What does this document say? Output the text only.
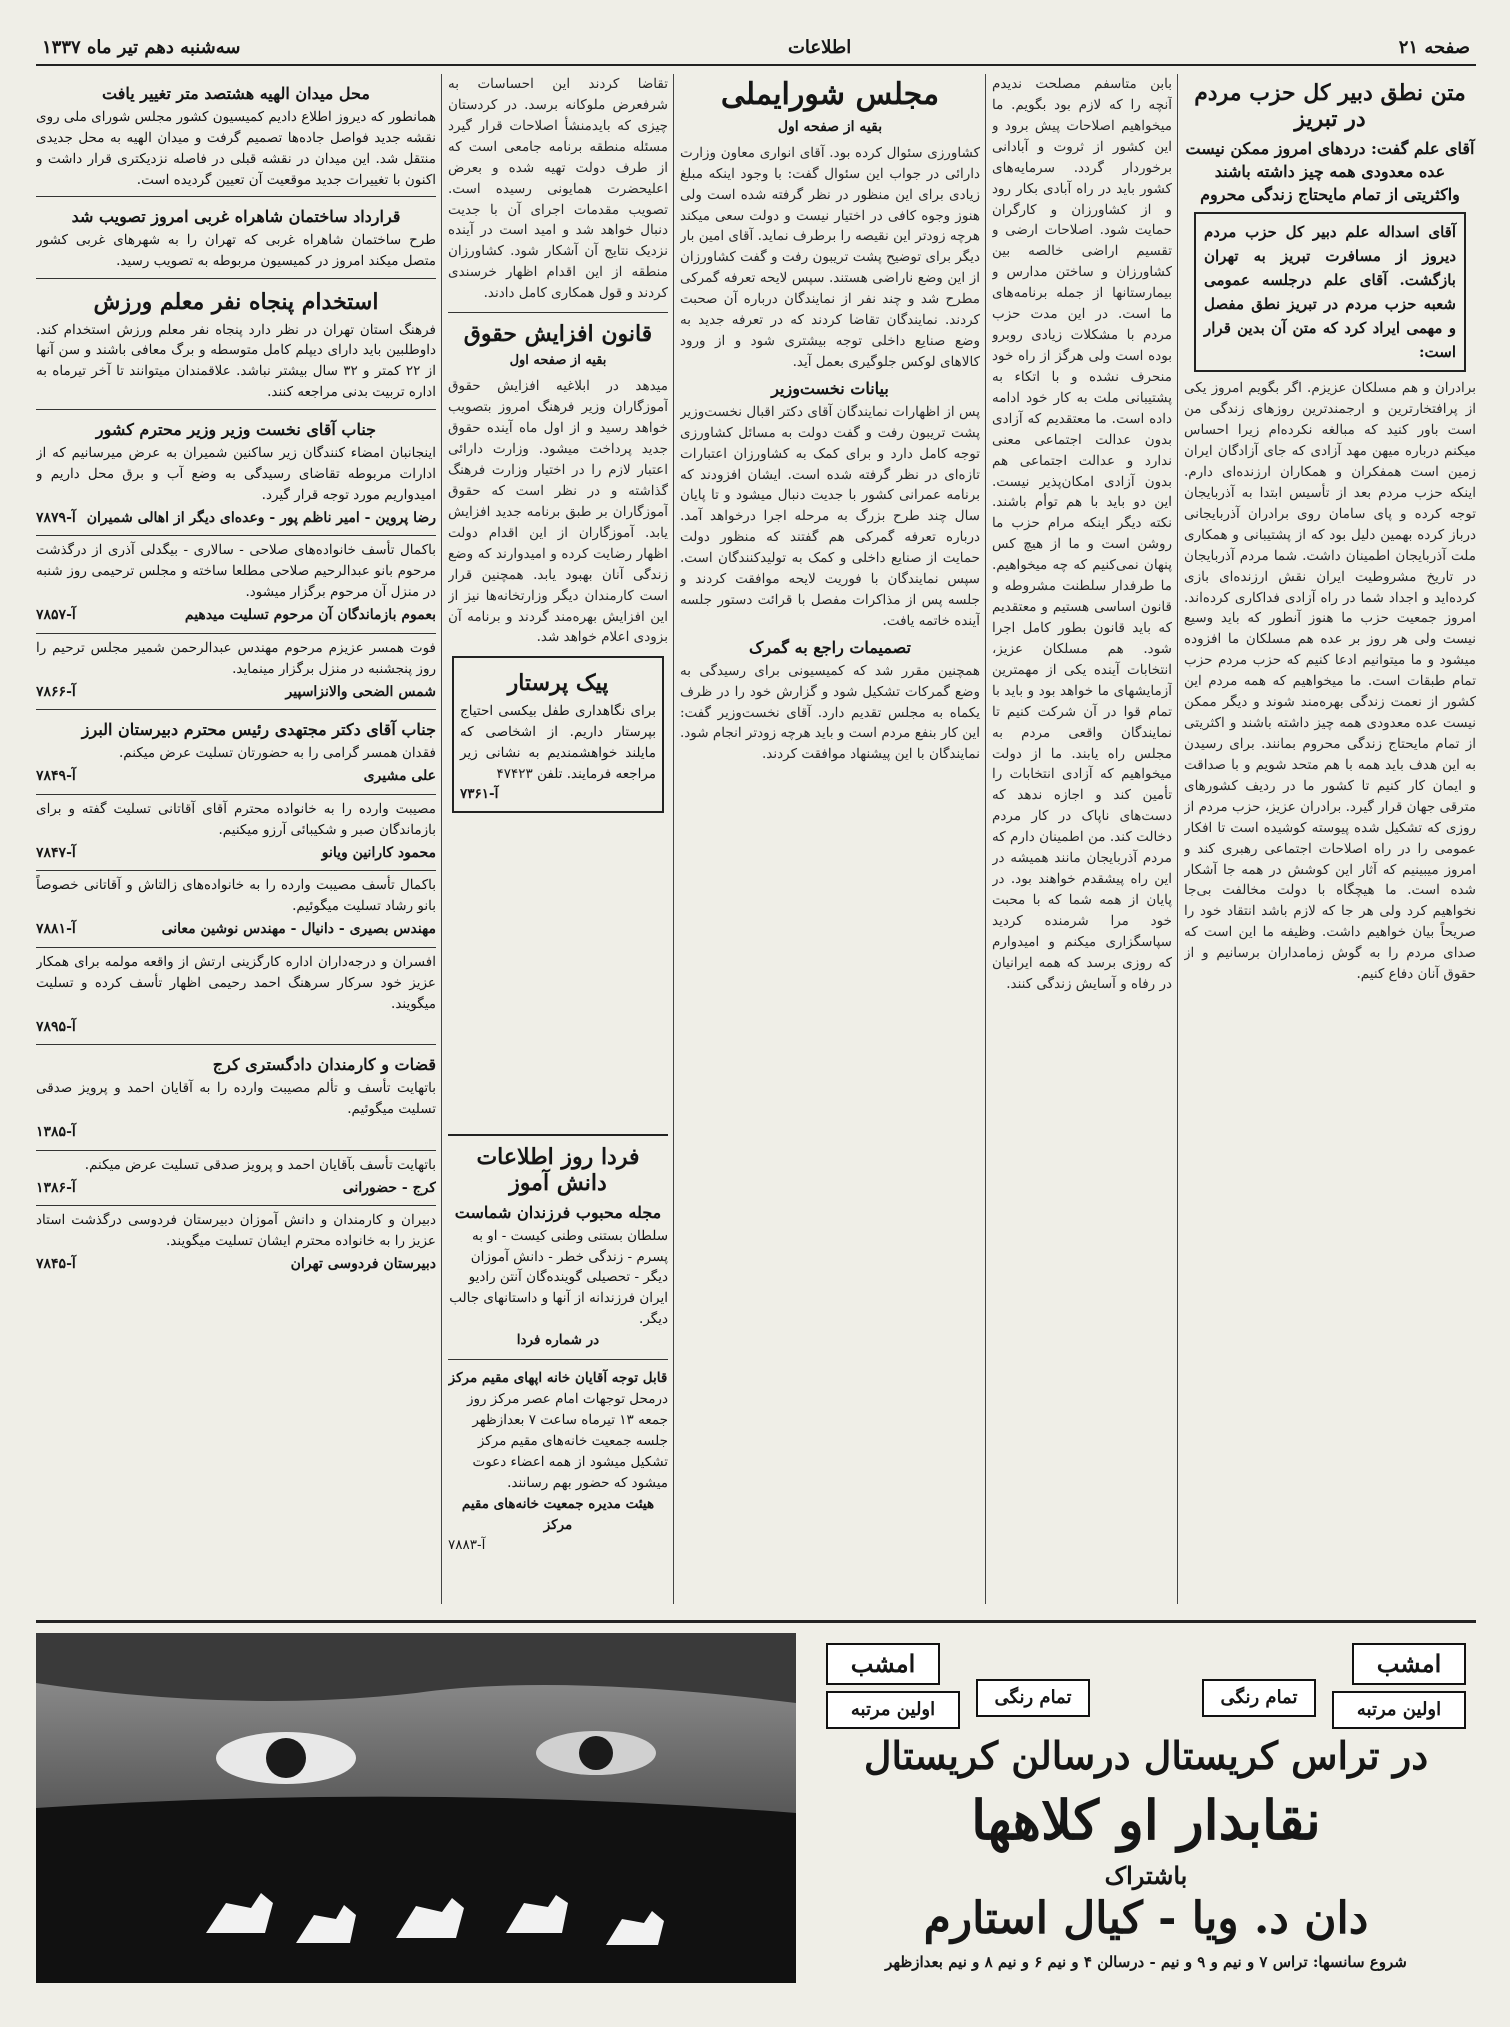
صفحه ۲۱
اطلاعات
سه‌شنبه دهم تیر ماه ۱۳۳۷
متن نطق دبیر کل حزب مردم در تبریز
آقای علم گفت: دردهای امروز ممکن نیست عده معدودی همه چیز داشته باشند واکثریتی از تمام مایحتاج زندگی محروم
آقای اسداله علم دبیر کل حزب مردم دیروز از مسافرت تبریز به تهران بازگشت. آقای علم درجلسه عمومی شعبه حزب مردم در تبریز نطق مفصل و مهمی ایراد کرد که متن آن بدین قرار است:
برادران و هم مسلکان عزیزم. اگر بگویم امروز یکی از پرافتخارترین و ارجمندترین روزهای زندگی من است باور کنید که مبالغه نکرده‌ام زیرا احساس میکنم درباره میهن مهد آزادی که جای آزادگان ایران زمین است همفکران و همکاران ارزنده‌ای دارم. اینکه حزب مردم بعد از تأسیس ابتدا به آذربایجان توجه کرده و پای سامان روی برادران آذربایجانی درباز کرده بهمین دلیل بود که از پشتیبانی و همکاری ملت آذربایجان اطمینان داشت. شما مردم آذربایجان در تاریخ مشروطیت ایران نقش ارزنده‌ای بازی کرده‌اید و اجداد شما در راه آزادی فداکاری کرده‌اند. امروز جمعیت حزب ما هنوز آنطور که باید وسیع نیست ولی هر روز بر عده هم مسلکان ما افزوده میشود و ما میتوانیم ادعا کنیم که حزب مردم حزب تمام طبقات است. ما میخواهیم که همه مردم این کشور از نعمت زندگی بهره‌مند شوند و دیگر ممکن نیست عده معدودی همه چیز داشته باشند و اکثریتی از تمام مایحتاج زندگی محروم بمانند. برای رسیدن به این هدف باید همه با هم متحد شویم و با صداقت و ایمان کار کنیم تا کشور ما در ردیف کشورهای مترقی جهان قرار گیرد. برادران عزیز، حزب مردم از روزی که تشکیل شده پیوسته کوشیده است تا افکار عمومی را در راه اصلاحات اجتماعی رهبری کند و امروز میبینیم که آثار این کوشش در همه جا آشکار شده است. ما هیچگاه با دولت مخالفت بی‌جا نخواهیم کرد ولی هر جا که لازم باشد انتقاد خود را صریحاً بیان خواهیم داشت. وظیفه ما این است که صدای مردم را به گوش زمامداران برسانیم و از حقوق آنان دفاع کنیم.
بابن متاسفم مصلحت ندیدم آنچه را که لازم بود بگویم. ما میخواهیم اصلاحات پیش برود و این کشور از ثروت و آبادانی برخوردار گردد. سرمایه‌های کشور باید در راه آبادی بکار رود و از کشاورزان و کارگران حمایت شود. اصلاحات ارضی و تقسیم اراضی خالصه بین کشاورزان و ساختن مدارس و بیمارستانها از جمله برنامه‌های ما است. در این مدت حزب مردم با مشکلات زیادی روبرو بوده است ولی هرگز از راه خود منحرف نشده و با اتکاء به پشتیبانی ملت به کار خود ادامه داده است. ما معتقدیم که آزادی بدون عدالت اجتماعی معنی ندارد و عدالت اجتماعی هم بدون آزادی امکان‌پذیر نیست. این دو باید با هم توأم باشند. نکته دیگر اینکه مرام حزب ما روشن است و ما از هیچ کس پنهان نمی‌کنیم که چه میخواهیم. ما طرفدار سلطنت مشروطه و قانون اساسی هستیم و معتقدیم که باید قانون بطور کامل اجرا شود. هم مسلکان عزیز، انتخابات آینده یکی از مهمترین آزمایشهای ما خواهد بود و باید با تمام قوا در آن شرکت کنیم تا نمایندگان واقعی مردم به مجلس راه یابند. ما از دولت میخواهیم که آزادی انتخابات را تأمین کند و اجازه ندهد که دست‌های ناپاک در کار مردم دخالت کند. من اطمینان دارم که مردم آذربایجان مانند همیشه در این راه پیشقدم خواهند بود. در پایان از همه شما که با محبت خود مرا شرمنده کردید سپاسگزاری میکنم و امیدوارم که روزی برسد که همه ایرانیان در رفاه و آسایش زندگی کنند.
مجلس شورایملی
بقیه از صفحه اول
کشاورزی سئوال کرده بود. آقای انواری معاون وزارت دارائی در جواب این سئوال گفت: با وجود اینکه مبلغ زیادی برای این منظور در نظر گرفته شده است ولی هنوز وجوه کافی در اختیار نیست و دولت سعی میکند هرچه زودتر این نقیصه را برطرف نماید. آقای امین بار دیگر برای توضیح پشت تریبون رفت و گفت کشاورزان از این وضع ناراضی هستند. سپس لایحه تعرفه گمرکی مطرح شد و چند نفر از نمایندگان درباره آن صحبت کردند. نمایندگان تقاضا کردند که در تعرفه جدید به وضع صنایع داخلی توجه بیشتری شود و از ورود کالاهای لوکس جلوگیری بعمل آید.
بیانات نخست‌وزیر
پس از اظهارات نمایندگان آقای دکتر اقبال نخست‌وزیر پشت تریبون رفت و گفت دولت به مسائل کشاورزی توجه کامل دارد و برای کمک به کشاورزان اعتبارات تازه‌ای در نظر گرفته شده است. ایشان افزودند که برنامه عمرانی کشور با جدیت دنبال میشود و تا پایان سال چند طرح بزرگ به مرحله اجرا درخواهد آمد. درباره تعرفه گمرکی هم گفتند که منظور دولت حمایت از صنایع داخلی و کمک به تولیدکنندگان است. سپس نمایندگان با فوریت لایحه موافقت کردند و جلسه پس از مذاکرات مفصل با قرائت دستور جلسه آینده خاتمه یافت.
تصمیمات راجع به گمرک
همچنین مقرر شد که کمیسیونی برای رسیدگی به وضع گمرکات تشکیل شود و گزارش خود را در ظرف یکماه به مجلس تقدیم دارد. آقای نخست‌وزیر گفت: این کار بنفع مردم است و باید هرچه زودتر انجام شود. نمایندگان با این پیشنهاد موافقت کردند.
تقاضا کردند این احساسات به شرفعرض ملوکانه برسد. در کردستان چیزی که بایدمنشأ اصلاحات قرار گیرد مسئله منطقه برنامه جامعی است که از طرف دولت تهیه شده و بعرض اعلیحضرت همایونی رسیده است. تصویب مقدمات اجرای آن با جدیت دنبال خواهد شد و امید است در آینده نزدیک نتایج آن آشکار شود. کشاورزان منطقه از این اقدام اظهار خرسندی کردند و قول همکاری کامل دادند.
قانون افزایش حقوق
بقیه از صفحه اول
میدهد در ابلاغیه افزایش حقوق آموزگاران وزیر فرهنگ امروز بتصویب خواهد رسید و از اول ماه آینده حقوق جدید پرداخت میشود. وزارت دارائی اعتبار لازم را در اختیار وزارت فرهنگ گذاشته و در نظر است که حقوق آموزگاران بر طبق برنامه جدید افزایش یابد. آموزگاران از این اقدام دولت اظهار رضایت کرده و امیدوارند که وضع زندگی آنان بهبود یابد. همچنین قرار است کارمندان دیگر وزارتخانه‌ها نیز از این افزایش بهره‌مند گردند و برنامه آن بزودی اعلام خواهد شد.
پیک پرستار
برای نگاهداری طفل بیکسی احتیاج بپرستار داریم. از اشخاصی که مایلند خواهشمندیم به نشانی زیر مراجعه فرمایند. تلفن ۴۷۴۲۳
آ-۷۳۶۱
فردا روز اطلاعات دانش آموز
مجله محبوب فرزندان شماست
سلطان بستنی وطنی کیست - او به پسرم - زندگی خطر - دانش آموزان دیگر - تحصیلی گوینده‌گان آنتن رادیو ایران فرزندانه از آنها و داستانهای جالب دیگر.
در شماره فردا
قابل توجه آقایان خانه اپهای مقیم مرکز
درمحل توجهات امام عصر مرکز روز جمعه ۱۳ تیرماه ساعت ۷ بعدازظهر جلسه جمعیت خانه‌های مقیم مرکز تشکیل میشود از همه اعضاء دعوت میشود که حضور بهم رسانند.
هیئت مدیره جمعیت خانه‌ها‌ی مقیم مرکز
آ-۷۸۸۳
محل میدان الهیه هشتصد متر تغییر یافت
همانطور که دیروز اطلاع دادیم کمیسیون کشور مجلس شورای ملی روی نقشه جدید فواصل جاده‌ها تصمیم گرفت و میدان الهیه به محل جدیدی منتقل شد. این میدان در نقشه قبلی در فاصله نزدیکتری قرار داشت و اکنون با تغییرات جدید موقعیت آن تعیین گردیده است.
قرارداد ساختمان شاهراه غربی امروز تصویب شد
طرح ساختمان شاهراه غربی که تهران را به شهرهای غربی کشور متصل میکند امروز در کمیسیون مربوطه به تصویب رسید.
استخدام پنجاه نفر معلم ورزش
فرهنگ استان تهران در نظر دارد پنجاه نفر معلم ورزش استخدام کند. داوطلبین باید دارای دیپلم کامل متوسطه و برگ معافی باشند و سن آنها از ۲۲ کمتر و ۳۲ سال بیشتر نباشد. علاقمندان میتوانند تا آخر تیرماه به اداره تربیت بدنی مراجعه کنند.
جناب آقای نخست وزیر وزیر محترم کشور
اینجانبان امضاء کنندگان زیر ساکنین شمیران به عرض میرسانیم که از ادارات مربوطه تقاضای رسیدگی به وضع آب و برق محل داریم و امیدواریم مورد توجه قرار گیرد.
رضا پروین - امیر ناظم پور - وعده‌ای دیگر از اهالی شمیران
آ-۷۸۷۹
باکمال تأسف خانواده‌های صلاحی - سالاری - بیگدلی آذری از درگذشت مرحوم بانو عبدالرحیم صلاحی مطلعا ساخته و مجلس ترحیمی روز شنبه در منزل آن مرحوم برگزار میشود.
بعموم بازماندگان آن مرحوم تسلیت میدهیم
آ-۷۸۵۷
فوت همسر عزیزم مرحوم مهندس عبدالرحمن شمیر مجلس ترحیم را روز پنجشنبه در منزل برگزار مینماید.
شمس الضحی والانزاسپیر
آ-۷۸۶۶
جناب آقای دکتر مجتهدی رئیس محترم دبیرستان البرز
فقدان همسر گرامی را به حضورتان تسلیت عرض میکنم.
علی مشیری
آ-۷۸۴۹
مصیبت وارده را به خانواده محترم آقای آقاتانی تسلیت گفته و برای بازماندگان صبر و شکیبائی آرزو میکنیم.
محمود کارانین ویانو
آ-۷۸۴۷
باکمال تأسف مصیبت وارده را به خانواده‌های زالتاش و آقاتانی خصوصاً بانو رشاد تسلیت میگوئیم.
مهندس بصیری - دانیال - مهندس نوشین معانی
آ-۷۸۸۱
افسران و درجه‌داران اداره کارگزینی ارتش از واقعه مولمه برای همکار عزیز خود سرکار سرهنگ احمد رحیمی اظهار تأسف کرده و تسلیت میگویند.
آ-۷۸۹۵
قضات و کارمندان دادگستری کرج
باتهایت تأسف و تألم مصیبت وارده را به آقایان احمد و پرویز صدقی تسلیت میگوئیم.
آ-۱۳۸۵
باتهایت تأسف بآقایان احمد و پرویز صدقی تسلیت عرض میکنم.
کرج - حضورانی
آ-۱۳۸۶
دبیران و کارمندان و دانش آموزان دبیرستان فردوسی درگذشت استاد عزیز را به خانواده محترم ایشان تسلیت میگویند.
دبیرستان فردوسی تهران
آ-۷۸۴۵
امشب
اولین مرتبه
تمام رنگی
امشب
اولین مرتبه
تمام رنگی
در تراس کریستال درسالن کریستال
نقابدار او کلاهها
باشتراک
دان د. ویا - کیال استارم
شروع سانسها: تراس ۷ و نیم و ۹ و نیم - درسالن ۴ و نیم ۶ و نیم ۸ و نیم بعدازظهر
